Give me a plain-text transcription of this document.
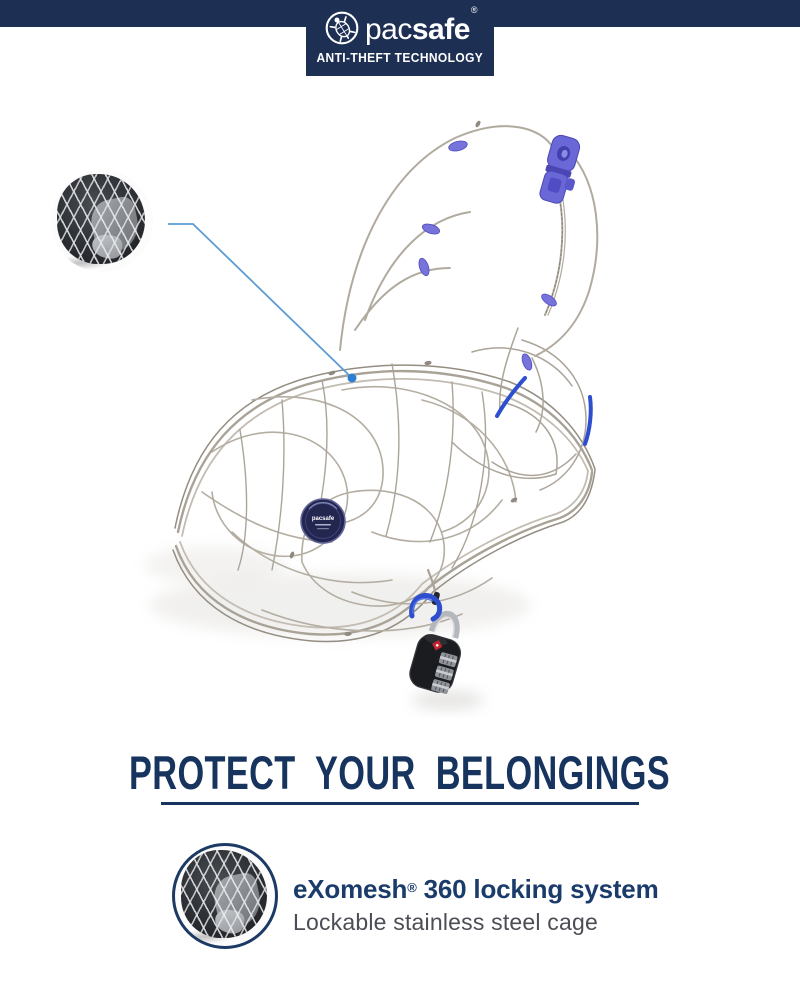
pacsafe®
ANTI-THEFT TECHNOLOGY
pacsafe
PROTECT YOUR BELONGINGS
eXomesh® 360 locking system
Lockable stainless steel cage
